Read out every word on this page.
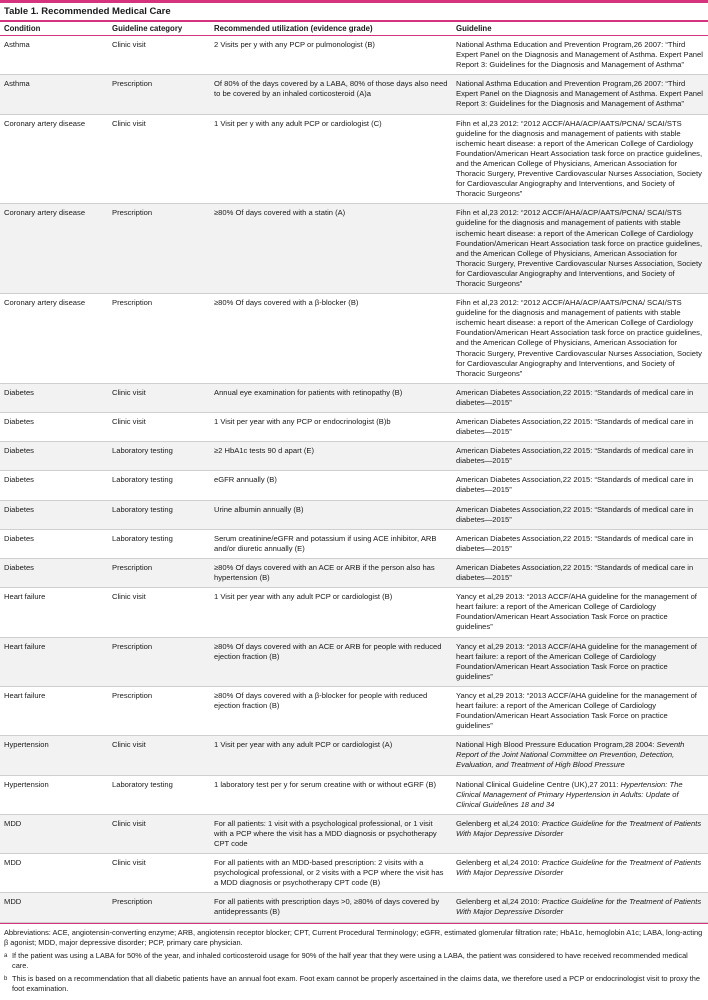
Table 1. Recommended Medical Care
Condition	Guideline category	Recommended utilization (evidence grade)	Guideline
Asthma	Clinic visit	2 Visits per y with any PCP or pulmonologist (B)	National Asthma Education and Prevention Program,26 2007: “Third Expert Panel on the Diagnosis and Management of Asthma. Expert Panel Report 3: Guidelines for the Diagnosis and Management of Asthma”
Asthma	Prescription	Of 80% of the days covered by a LABA, 80% of those days also need to be covered by an inhaled corticosteroid (A)a	National Asthma Education and Prevention Program,26 2007: “Third Expert Panel on the Diagnosis and Management of Asthma. Expert Panel Report 3: Guidelines for the Diagnosis and Management of Asthma”
Coronary artery disease	Clinic visit	1 Visit per y with any adult PCP or cardiologist (C)	Fihn et al,23 2012: “2012 ACCF/AHA/ACP/AATS/PCNA/ SCAI/STS guideline for the diagnosis and management of patients with stable ischemic heart disease: a report of the American College of Cardiology Foundation/American Heart Association task force on practice guidelines, and the American College of Physicians, American Association for Thoracic Surgery, Preventive Cardiovascular Nurses Association, Society for Cardiovascular Angiography and Interventions, and Society of Thoracic Surgeons”
Coronary artery disease	Prescription	≥80% Of days covered with a statin (A)	Fihn et al,23 2012: “2012 ACCF/AHA/ACP/AATS/PCNA/ SCAI/STS guideline for the diagnosis and management of patients with stable ischemic heart disease: a report of the American College of Cardiology Foundation/American Heart Association task force on practice guidelines, and the American College of Physicians, American Association for Thoracic Surgery, Preventive Cardiovascular Nurses Association, Society for Cardiovascular Angiography and Interventions, and Society of Thoracic Surgeons”
Coronary artery disease	Prescription	≥80% Of days covered with a β-blocker (B)	Fihn et al,23 2012: “2012 ACCF/AHA/ACP/AATS/PCNA/ SCAI/STS guideline for the diagnosis and management of patients with stable ischemic heart disease: a report of the American College of Cardiology Foundation/American Heart Association task force on practice guidelines, and the American College of Physicians, American Association for Thoracic Surgery, Preventive Cardiovascular Nurses Association, Society for Cardiovascular Angiography and Interventions, and Society of Thoracic Surgeons”
Diabetes	Clinic visit	Annual eye examination for patients with retinopathy (B)	American Diabetes Association,22 2015: “Standards of medical care in diabetes—2015”
Diabetes	Clinic visit	1 Visit per year with any PCP or endocrinologist (B)b	American Diabetes Association,22 2015: “Standards of medical care in diabetes—2015”
Diabetes	Laboratory testing	≥2 HbA1c tests 90 d apart (E)	American Diabetes Association,22 2015: “Standards of medical care in diabetes—2015”
Diabetes	Laboratory testing	eGFR annually (B)	American Diabetes Association,22 2015: “Standards of medical care in diabetes—2015”
Diabetes	Laboratory testing	Urine albumin annually (B)	American Diabetes Association,22 2015: “Standards of medical care in diabetes—2015”
Diabetes	Laboratory testing	Serum creatinine/eGFR and potassium if using ACE inhibitor, ARB and/or diuretic annually (E)	American Diabetes Association,22 2015: “Standards of medical care in diabetes—2015”
Diabetes	Prescription	≥80% Of days covered with an ACE or ARB if the person also has hypertension (B)	American Diabetes Association,22 2015: “Standards of medical care in diabetes—2015”
Heart failure	Clinic visit	1 Visit per year with any adult PCP or cardiologist (B)	Yancy et al,29 2013: “2013 ACCF/AHA guideline for the management of heart failure: a report of the American College of Cardiology Foundation/American Heart Association Task Force on practice guidelines”
Heart failure	Prescription	≥80% Of days covered with an ACE or ARB for people with reduced ejection fraction (B)	Yancy et al,29 2013: “2013 ACCF/AHA guideline for the management of heart failure: a report of the American College of Cardiology Foundation/American Heart Association Task Force on practice guidelines”
Heart failure	Prescription	≥80% Of days covered with a β-blocker for people with reduced ejection fraction (B)	Yancy et al,29 2013: “2013 ACCF/AHA guideline for the management of heart failure: a report of the American College of Cardiology Foundation/American Heart Association Task Force on practice guidelines”
Hypertension	Clinic visit	1 Visit per year with any adult PCP or cardiologist (A)	National High Blood Pressure Education Program,28 2004: Seventh Report of the Joint National Committee on Prevention, Detection, Evaluation, and Treatment of High Blood Pressure
Hypertension	Laboratory testing	1 laboratory test per y for serum creatine with or without eGRF (B)	National Clinical Guideline Centre (UK),27 2011: Hypertension: The Clinical Management of Primary Hypertension in Adults: Update of Clinical Guidelines 18 and 34
MDD	Clinic visit	For all patients: 1 visit with a psychological professional, or 1 visit with a PCP where the visit has a MDD diagnosis or psychotherapy CPT code	Gelenberg et al,24 2010: Practice Guideline for the Treatment of Patients With Major Depressive Disorder
MDD	Clinic visit	For all patients with an MDD-based prescription: 2 visits with a psychological professional, or 2 visits with a PCP where the visit has a MDD diagnosis or psychotherapy CPT code (B)	Gelenberg et al,24 2010: Practice Guideline for the Treatment of Patients With Major Depressive Disorder
MDD	Prescription	For all patients with prescription days >0, ≥80% of days covered by antidepressants (B)	Gelenberg et al,24 2010: Practice Guideline for the Treatment of Patients With Major Depressive Disorder

Abbreviations: ACE, angiotensin-converting enzyme; ARB, angiotensin receptor blocker; CPT, Current Procedural Terminology; eGFR, estimated glomerular filtration rate; HbA1c, hemoglobin A1c; LABA, long-acting β agonist; MDD, major depressive disorder; PCP, primary care physician.

a If the patient was using a LABA for 50% of the year, and inhaled corticosteroid usage for 90% of the half year that they were using a LABA, the patient was considered to have received recommended medical care.

b This is based on a recommendation that all diabetic patients have an annual foot exam. Foot exam cannot be properly ascertained in the claims data, we therefore used a PCP or endocrinologist visit to proxy the foot examination.
